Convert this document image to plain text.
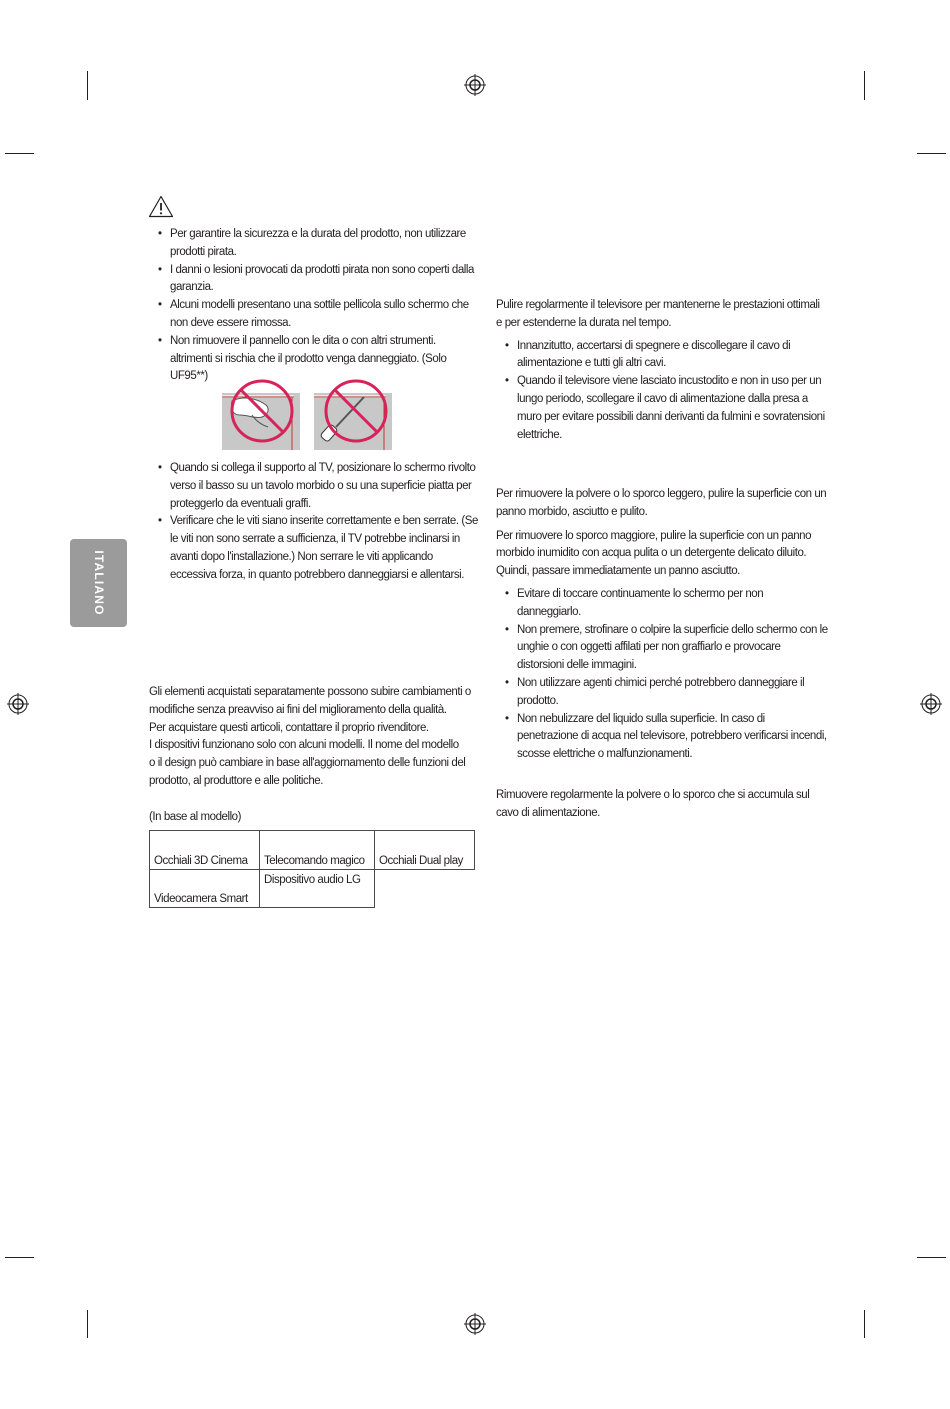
ITALIANO
• Per garantire la sicurezza e la durata del prodotto, non utilizzare prodotti pirata.
• I danni o lesioni provocati da prodotti pirata non sono coperti dalla garanzia.
• Alcuni modelli presentano una sottile pellicola sullo schermo che non deve essere rimossa.
• Non rimuovere il pannello con le dita o con altri strumenti. altrimenti si rischia che il prodotto venga danneggiato. (Solo UF95**)
• Quando si collega il supporto al TV, posizionare lo schermo rivolto verso il basso su un tavolo morbido o su una superficie piatta per proteggerlo da eventuali graffi.
• Verificare che le viti siano inserite correttamente e ben serrate. (Se le viti non sono serrate a sufficienza, il TV potrebbe inclinarsi in avanti dopo l'installazione.) Non serrare le viti applicando eccessiva forza, in quanto potrebbero danneggiarsi e allentarsi.

Gli elementi acquistati separatamente possono subire cambiamenti o

modifiche senza preavviso ai fini del miglioramento della qualità.

Per acquistare questi articoli, contattare il proprio rivenditore.

I dispositivi funzionano solo con alcuni modelli. Il nome del modello

o il design può cambiare in base all'aggiornamento delle funzioni del

prodotto, al produttore e alle politiche.

(In base al modello)

Occhiali 3D Cinema	Telecomando magico	Occhiali Dual play
Videocamera Smart	Dispositivo audio LG	

Pulire regolarmente il televisore per mantenerne le prestazioni ottimali e per estenderne la durata nel tempo.

• Innanzitutto, accertarsi di spegnere e discollegare il cavo di alimentazione e tutti gli altri cavi.
• Quando il televisore viene lasciato incustodito e non in uso per un lungo periodo, scollegare il cavo di alimentazione dalla presa a muro per evitare possibili danni derivanti da fulmini e sovratensioni elettriche.

Per rimuovere la polvere o lo sporco leggero, pulire la superficie con un panno morbido, asciutto e pulito.

Per rimuovere lo sporco maggiore, pulire la superficie con un panno morbido inumidito con acqua pulita o un detergente delicato diluito. Quindi, passare immediatamente un panno asciutto.

• Evitare di toccare continuamente lo schermo per non danneggiarlo.
• Non premere, strofinare o colpire la superficie dello schermo con le unghie o con oggetti affilati per non graffiarlo e provocare distorsioni delle immagini.
• Non utilizzare agenti chimici perché potrebbero danneggiare il prodotto.
• Non nebulizzare del liquido sulla superficie. In caso di penetrazione di acqua nel televisore, potrebbero verificarsi incendi, scosse elettriche o malfunzionamenti.

Rimuovere regolarmente la polvere o lo sporco che si accumula sul cavo di alimentazione.
